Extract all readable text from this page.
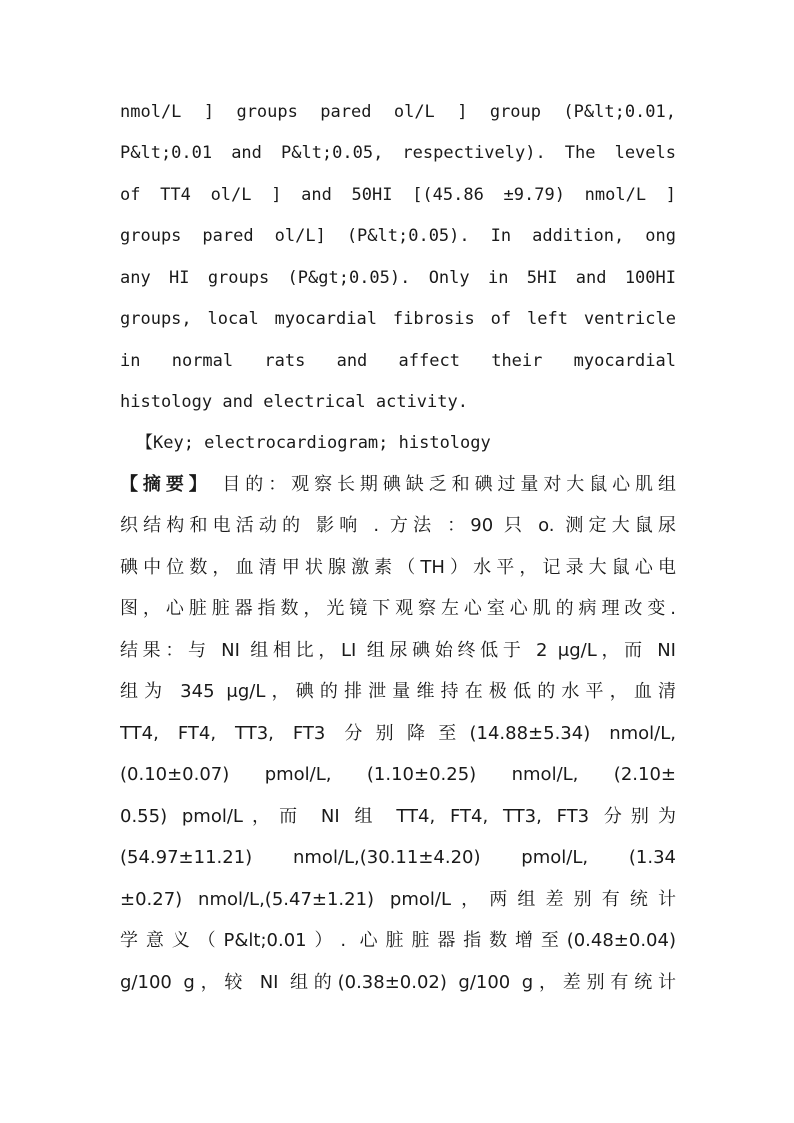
nmol/L ] groups pared ol/L ] group (P&lt;0.01,
P&lt;0.01 and P&lt;0.05, respectively). The levels
of TT4 ol/L ] and 50HI [(45.86 ±9.79) nmol/L ]
groups pared ol/L] (P&lt;0.05). In addition, ong
any HI groups (P&gt;0.05). Only in 5HI and 100HI
groups, local myocardial fibrosis of left ventricle
in normal rats and affect their myocardial
histology and electrical activity.
【Key; electrocardiogram; histology
【摘要】 目的：观察长期碘缺乏和碘过量对大鼠心肌组
织结构和电活动的 影响 . 方法 ：90 只 o. 测定大鼠尿
碘中位数，血清甲状腺激素（TH）水平，记录大鼠心电
图，心脏脏器指数，光镜下观察左心室心肌的病理改变.
结果：与 NI 组相比，LI 组尿碘始终低于 2 μg/L，而 NI
组为 345 μg/L，碘的排泄量维持在极低的水平，血清
TT4, FT4, TT3, FT3 分别降至(14.88±5.34) nmol/L,
(0.10±0.07) pmol/L, (1.10±0.25) nmol/L, (2.10±
0.55) pmol/L，而 NI 组 TT4, FT4, TT3, FT3 分别为
(54.97±11.21) nmol/L,(30.11±4.20) pmol/L, (1.34
±0.27) nmol/L,(5.47±1.21) pmol/L，两组差别有统计
学意义（P&lt;0.01）. 心脏脏器指数增至(0.48±0.04)
g/100 g，较 NI 组的(0.38±0.02) g/100 g，差别有统计
